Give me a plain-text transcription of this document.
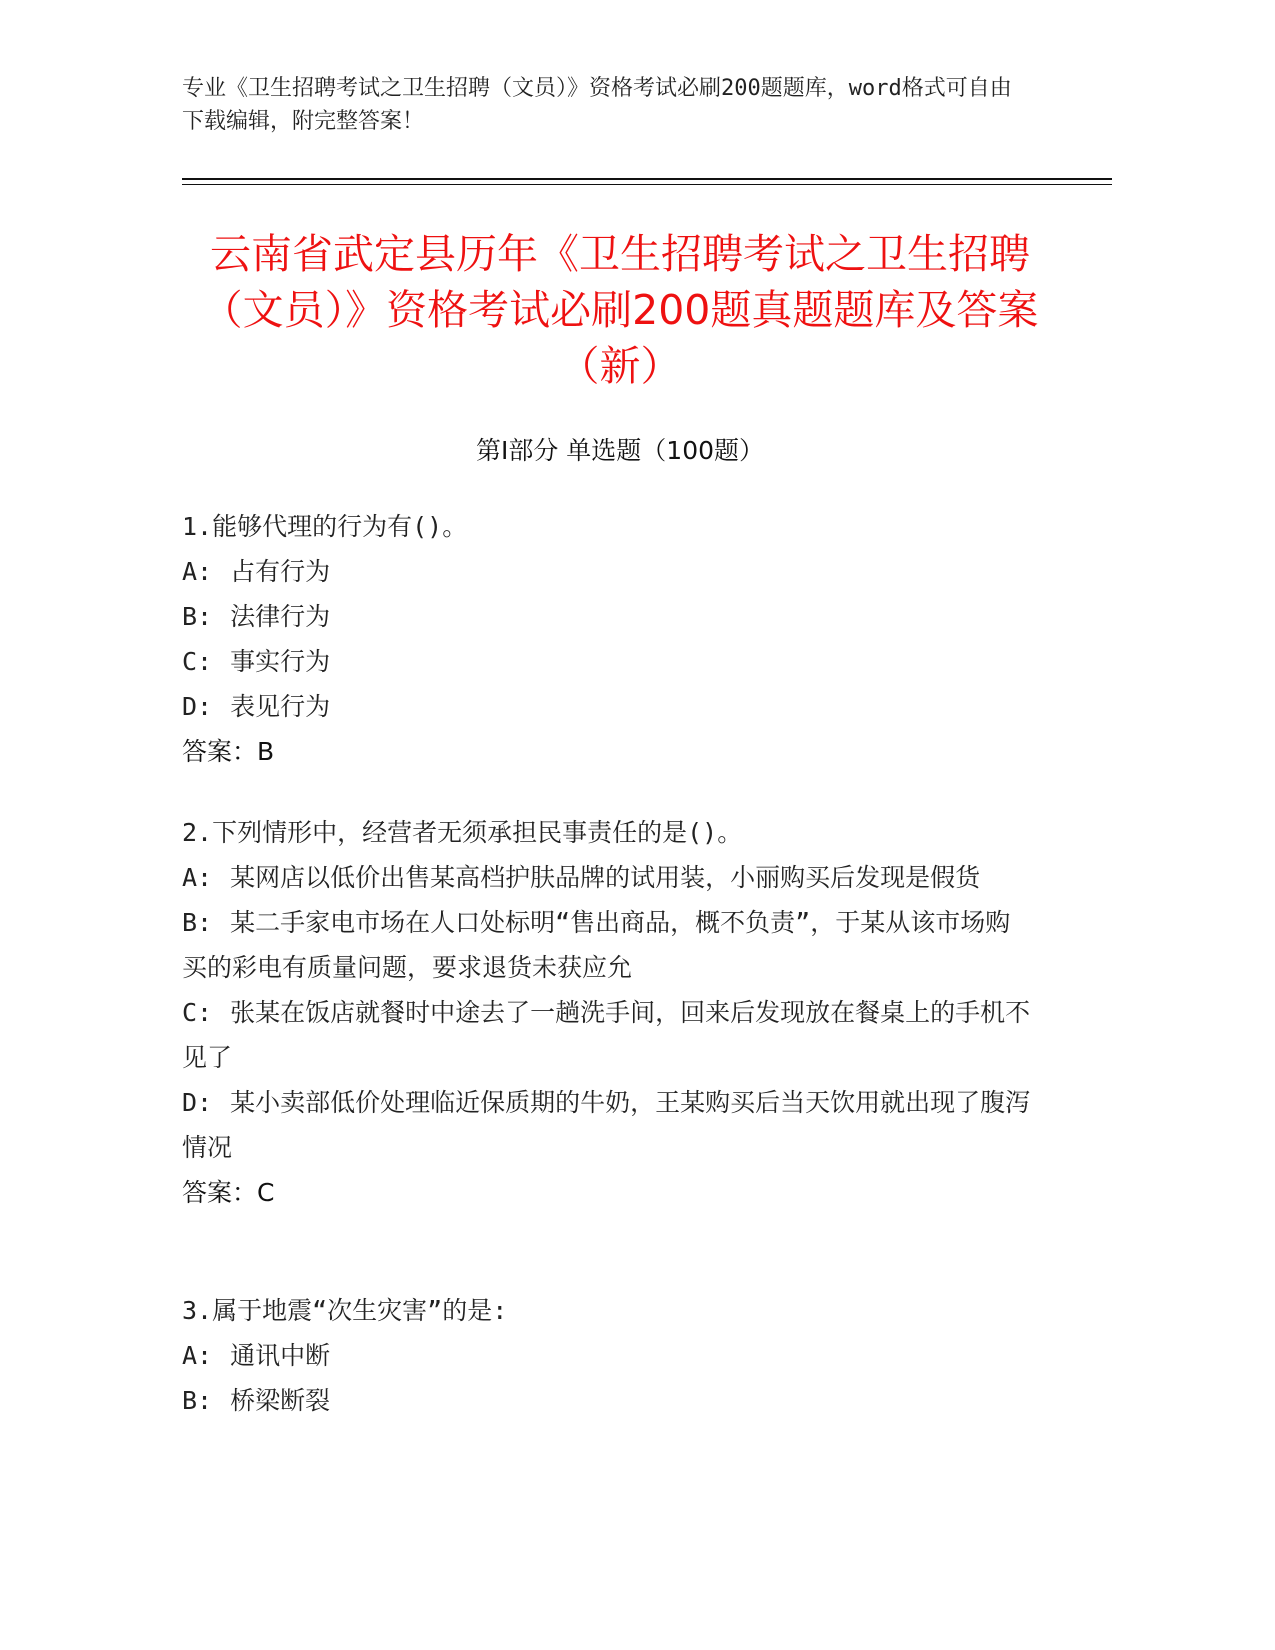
专业《卫生招聘考试之卫生招聘（文员）》资格考试必刷200题题库，word格式可自由下载编辑，附完整答案！
云南省武定县历年《卫生招聘考试之卫生招聘（文员）》资格考试必刷200题真题题库及答案（新）
第I部分 单选题（100题）
1.能够代理的行为有()。
A: 占有行为
B: 法律行为
C: 事实行为
D: 表见行为
答案：B
2.下列情形中，经营者无须承担民事责任的是()。
A: 某网店以低价出售某高档护肤品牌的试用装，小丽购买后发现是假货
B: 某二手家电市场在人口处标明“售出商品，概不负责”，于某从该市场购买的彩电有质量问题，要求退货未获应允
C: 张某在饭店就餐时中途去了一趟洗手间，回来后发现放在餐桌上的手机不见了
D: 某小卖部低价处理临近保质期的牛奶，王某购买后当天饮用就出现了腹泻情况
答案：C
3.属于地震“次生灾害”的是:
A: 通讯中断
B: 桥梁断裂
